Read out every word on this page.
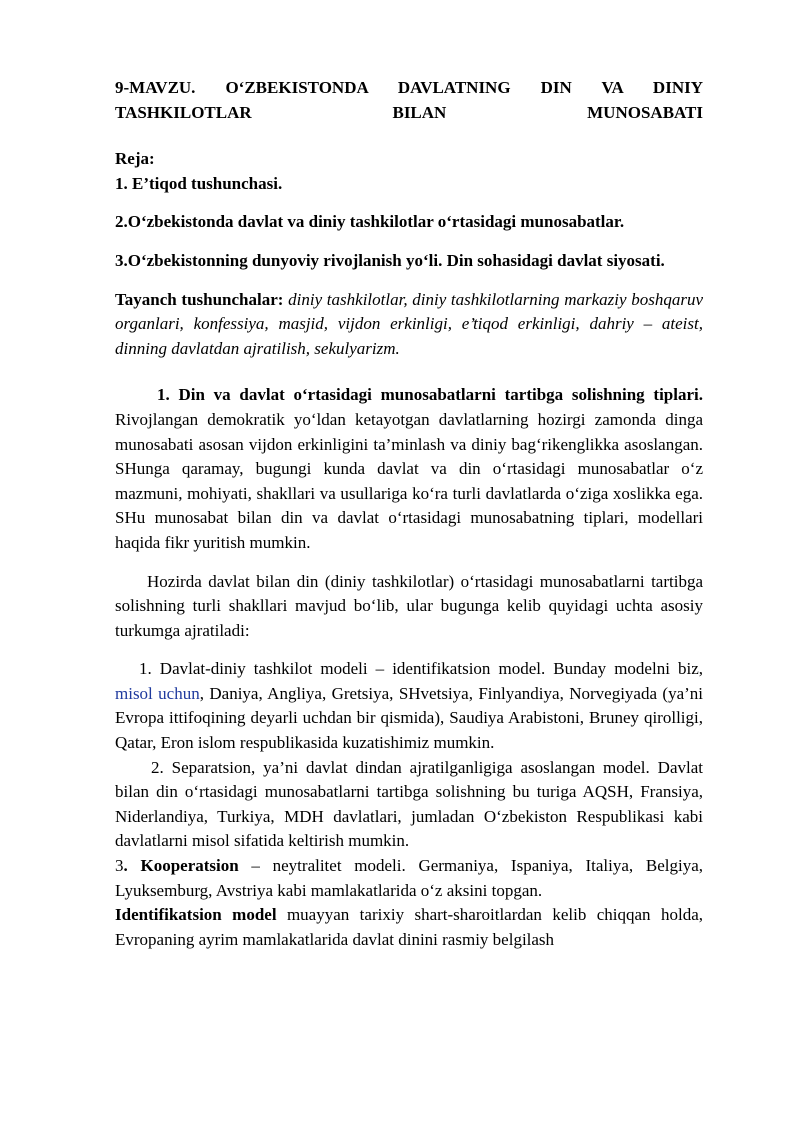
9-MAVZU. O‘ZBEKISTONDA DAVLATNING DIN VA DINIY

TASHKILOTLAR BILAN MUNOSABATI

Reja:

1. E’tiqod tushunchasi.

2.O‘zbekistonda davlat va diniy tashkilotlar o‘rtasidagi munosabatlar.

3.O‘zbekistonning dunyoviy rivojlanish yo‘li. Din sohasidagi davlat siyosati.

Tayanch tushunchalar: diniy tashkilotlar, diniy tashkilotlarning markaziy boshqaruv organlari, konfessiya, masjid, vijdon erkinligi, e’tiqod erkinligi, dahriy – ateist, dinning davlatdan ajratilish, sekulyarizm.

1. Din va davlat o‘rtasidagi munosabatlarni tartibga solishning tiplari. Rivojlangan demokratik yo‘ldan ketayotgan davlatlarning hozirgi zamonda dinga munosabati asosan vijdon erkinligini ta’minlash va diniy bag‘rikenglikka asoslangan. SHunga qaramay, bugungi kunda davlat va din o‘rtasidagi munosabatlar o‘z mazmuni, mohiyati, shakllari va usullariga ko‘ra turli davlatlarda o‘ziga xoslikka ega. SHu munosabat bilan din va davlat o‘rtasidagi munosabatning tiplari, modellari haqida fikr yuritish mumkin.

Hozirda davlat bilan din (diniy tashkilotlar) o‘rtasidagi munosabatlarni tartibga solishning turli shakllari mavjud bo‘lib, ular bugunga kelib quyidagi uchta asosiy turkumga ajratiladi:

1. Davlat-diniy tashkilot modeli – identifikatsion model. Bunday modelni biz, misol uchun, Daniya, Angliya, Gretsiya, SHvetsiya, Finlyandiya, Norvegiyada (ya’ni Evropa ittifoqining deyarli uchdan bir qismida), Saudiya Arabistoni, Bruney qirolligi, Qatar, Eron islom respublikasida kuzatishimiz mumkin.

2. Separatsion, ya’ni davlat dindan ajratilganligiga asoslangan model. Davlat bilan din o‘rtasidagi munosabatlarni tartibga solishning bu turiga AQSH, Fransiya, Niderlandiya, Turkiya, MDH davlatlari, jumladan O‘zbekiston Respublikasi kabi davlatlarni misol sifatida keltirish mumkin.

3. Kooperatsion – neytralitet modeli. Germaniya, Ispaniya, Italiya, Belgiya, Lyuksemburg, Avstriya kabi mamlakatlarida o‘z aksini topgan.

Identifikatsion model muayyan tarixiy shart-sharoitlardan kelib chiqqan holda, Evropaning ayrim mamlakatlarida davlat dinini rasmiy belgilash
